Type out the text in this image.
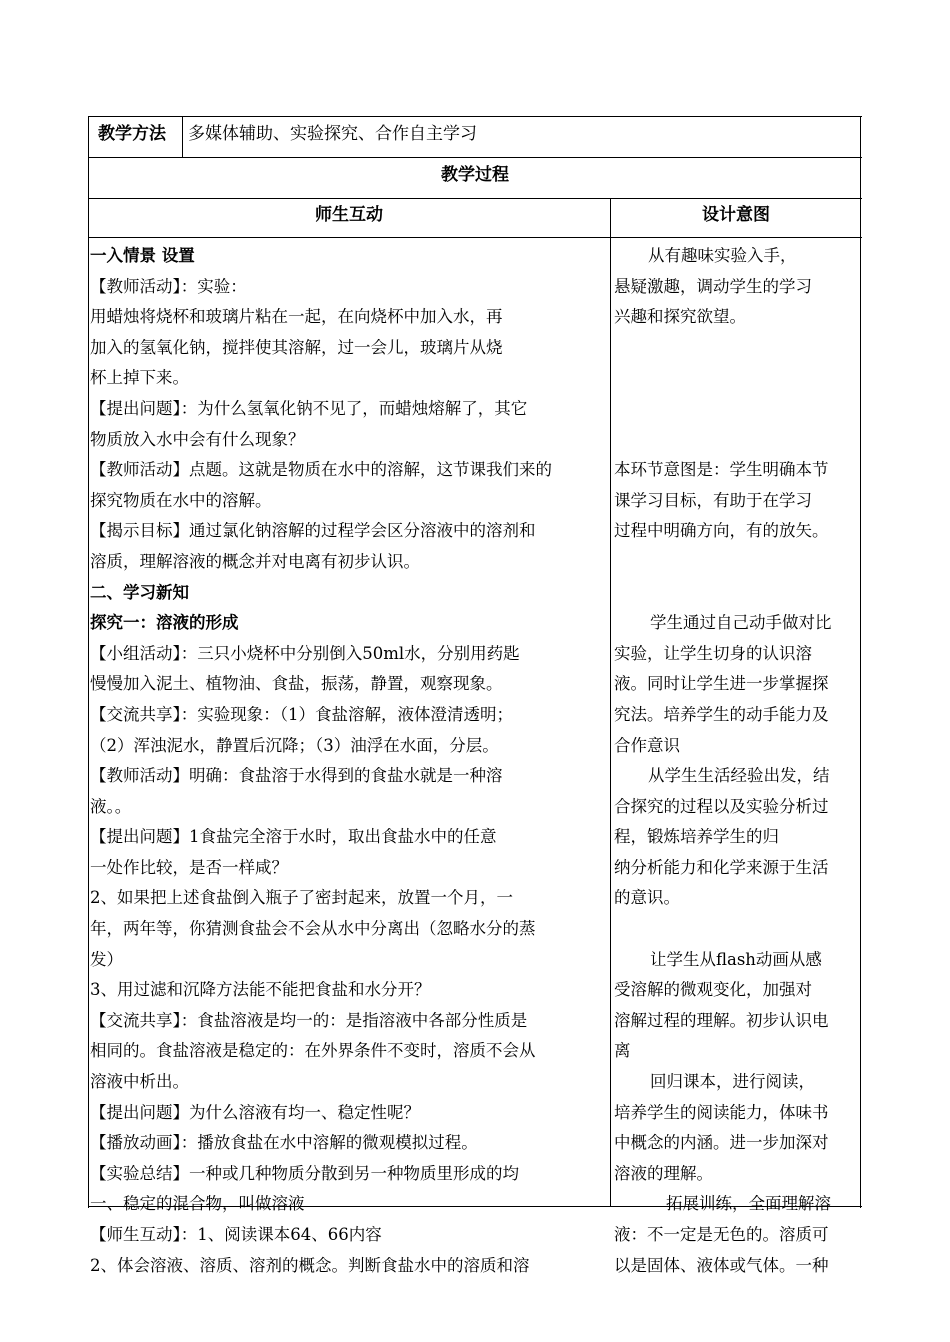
教学方法 多媒体辅助、实验探究、合作自主学习
教学过程
师生互动	设计意图
一入情景 设置
【教师活动】：实验：
用蜡烛将烧杯和玻璃片粘在一起，在向烧杯中加入水，再
加入的氢氧化钠，搅拌使其溶解，过一会儿，玻璃片从烧
杯上掉下来。
【提出问题】：为什么氢氧化钠不见了，而蜡烛熔解了，其它
物质放入水中会有什么现象？
【教师活动】点题。这就是物质在水中的溶解，这节课我们来的
探究物质在水中的溶解。
【揭示目标】通过氯化钠溶解的过程学会区分溶液中的溶剂和
溶质，理解溶液的概念并对电离有初步认识。
二、学习新知
探究一：溶液的形成
【小组活动】：三只小烧杯中分别倒入50ml水，分别用药匙
慢慢加入泥土、植物油、食盐，振荡，静置，观察现象。
【交流共享】：实验现象：（1）食盐溶解，液体澄清透明；
（2）浑浊泥水，静置后沉降；（3）油浮在水面，分层。
【教师活动】明确：食盐溶于水得到的食盐水就是一种溶
液。。
【提出问题】1食盐完全溶于水时，取出食盐水中的任意
一处作比较，是否一样咸？
2、如果把上述食盐倒入瓶子了密封起来，放置一个月，一
年，两年等，你猜测食盐会不会从水中分离出（忽略水分的蒸
发）
3、用过滤和沉降方法能不能把食盐和水分开？
【交流共享】：食盐溶液是均一的：是指溶液中各部分性质是
相同的。食盐溶液是稳定的：在外界条件不变时，溶质不会从
溶液中析出。
【提出问题】为什么溶液有均一、稳定性呢？
【播放动画】：播放食盐在水中溶解的微观模拟过程。
【实验总结】一种或几种物质分散到另一种物质里形成的均
一、稳定的混合物，叫做溶液
【师生互动】：1、阅读课本64、66内容
2、体会溶液、溶质、溶剂的概念。判断食盐水中的溶质和溶
从有趣味实验入手，
悬疑激趣，调动学生的学习
兴趣和探究欲望。
本环节意图是：学生明确本节
课学习目标，有助于在学习
过程中明确方向，有的放矢。
学生通过自己动手做对比
实验，让学生切身的认识溶
液。同时让学生进一步掌握探
究法。培养学生的动手能力及
合作意识
从学生生活经验出发，结
合探究的过程以及实验分析过
程，锻炼培养学生的归
纳分析能力和化学来源于生活
的意识。
让学生从flash动画从感
受溶解的微观变化，加强对
溶解过程的理解。初步认识电
离
回归课本，进行阅读，
培养学生的阅读能力，体味书
中概念的内涵。进一步加深对
溶液的理解。
拓展训练，全面理解溶
液：不一定是无色的。溶质可
以是固体、液体或气体。一种
